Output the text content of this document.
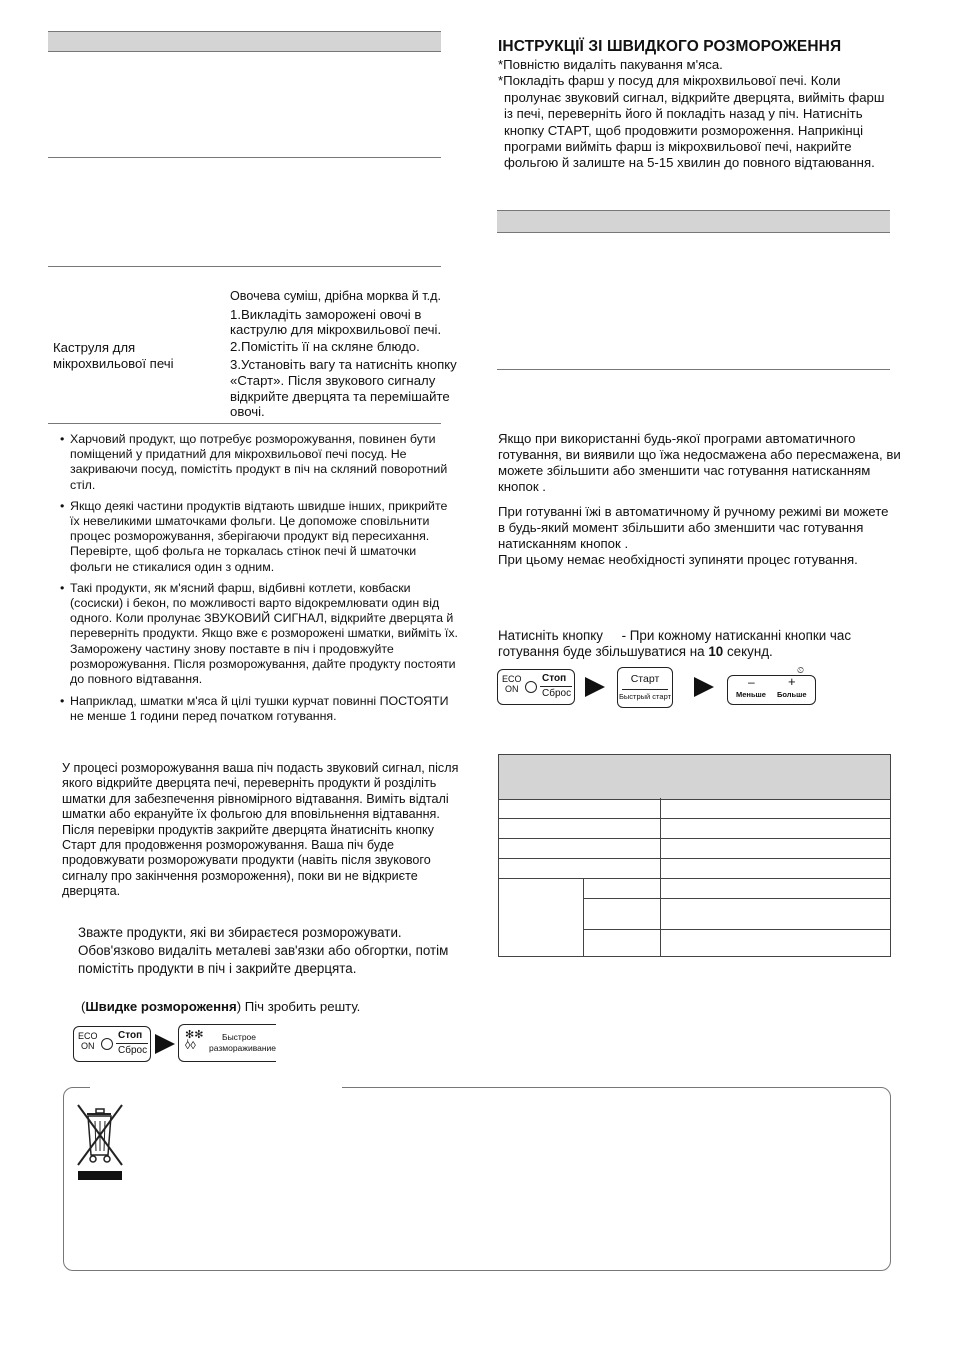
Каструля для мікрохвильової печі

Овочева суміш, дрібна морква й т.д.

1.Викладіть заморожені овочі в каструлю для мікрохвильової печі.

2.Помістіть її на скляне блюдо.

3.Установіть вагу та натисніть кнопку «Старт». Після звукового сигналу відкрийте дверцята та перемішайте овочі.

• Харчовий продукт, що потребує розморожування, повинен бути поміщений у придатний для мікрохвильової печі посуд. Не закриваючи посуд, помістіть продукт в піч на скляний поворотний стіл.
• Якщо деякі частини продуктів відтають швидше інших, прикрийте їх невеликими шматочками фольги. Це допоможе сповільнити процес розморожування, зберігаючи продукт від пересихання. Перевірте, щоб фольга не торкалась стінок печі й шматочки фольги не стикалися один з одним.
• Такі продукти, як м'ясний фарш, відбивні котлети, ковбаски (сосиски) і бекон, по можливості варто відокремлювати один від одного. Коли пролунає ЗВУКОВИЙ СИГНАЛ, відкрийте дверцята й переверніть продукти. Якщо вже є розморожені шматки, вийміть їх. Заморожену частину знову поставте в піч і продовжуйте розморожування. Після розморожування, дайте продукту постояти до повного відтавання.
• Наприклад, шматки м'яса й цілі тушки курчат повинні ПОСТОЯТИ не менше 1 години перед початком готування.
У процесі розморожування ваша піч подасть звуковий сигнал, після якого відкрийте дверцята печі, переверніть продукти й розділіть шматки для забезпечення рівномірного відтавання. Виміть відталі шматки або екрануйте їх фольгою для вповільнення відтавання. Після перевірки продуктів закрийте дверцята йнатисніть кнопку Старт для продовження розморожування. Ваша піч буде продовжувати розморожувати продукти (навіть після звукового сигналу про закінчення розмороження), поки ви не відкриєте дверцята.
Зважте продукти, які ви збираєтеся розморожувати. Обов'язково видаліть металеві зав'язки або обгортки, потім помістіть продукти в піч і закрийте дверцята.
(Швидке розмороження) Піч зробить решту.
ECO
ON
Стоп
Сброс
✻✻
ٰ◊◊
Быстрое
размораживание
ІНСТРУКЦІЇ ЗІ ШВИДКОГО РОЗМОРОЖЕННЯ

*Повністю видаліть пакування м'яса.

*Покладіть фарш у посуд для мікрохвильової печі. Коли пролунає звуковий сигнал, відкрийте дверцята, вийміть фарш із печі, переверніть його й покладіть назад у піч. Натисніть кнопку СТАРТ, щоб продовжити розмороження. Наприкінці програми вийміть фарш із мікрохвильової печі, накрийте фольгою й залиште на 5-15 хвилин до повного відтаювання.

Якщо при використанні будь-якої програми автоматичного готування, ви виявили що їжа недосмажена або пересмажена, ви можете збільшити або зменшити час готування натисканням кнопок .
При готуванні їжі в автоматичному й ручному режимі ви можете в будь-який момент збільшити або зменшити час готування натисканням кнопок .
При цьому немає необхідності зупиняти процес готування.
Натисніть кнопку - При кожному натисканні кнопки час готування буде збільшуватися на 10 секунд.
ECO
ON
Стоп
Сброс
Старт
Быстрый старт
⏲
–	+
Меньше Больше
